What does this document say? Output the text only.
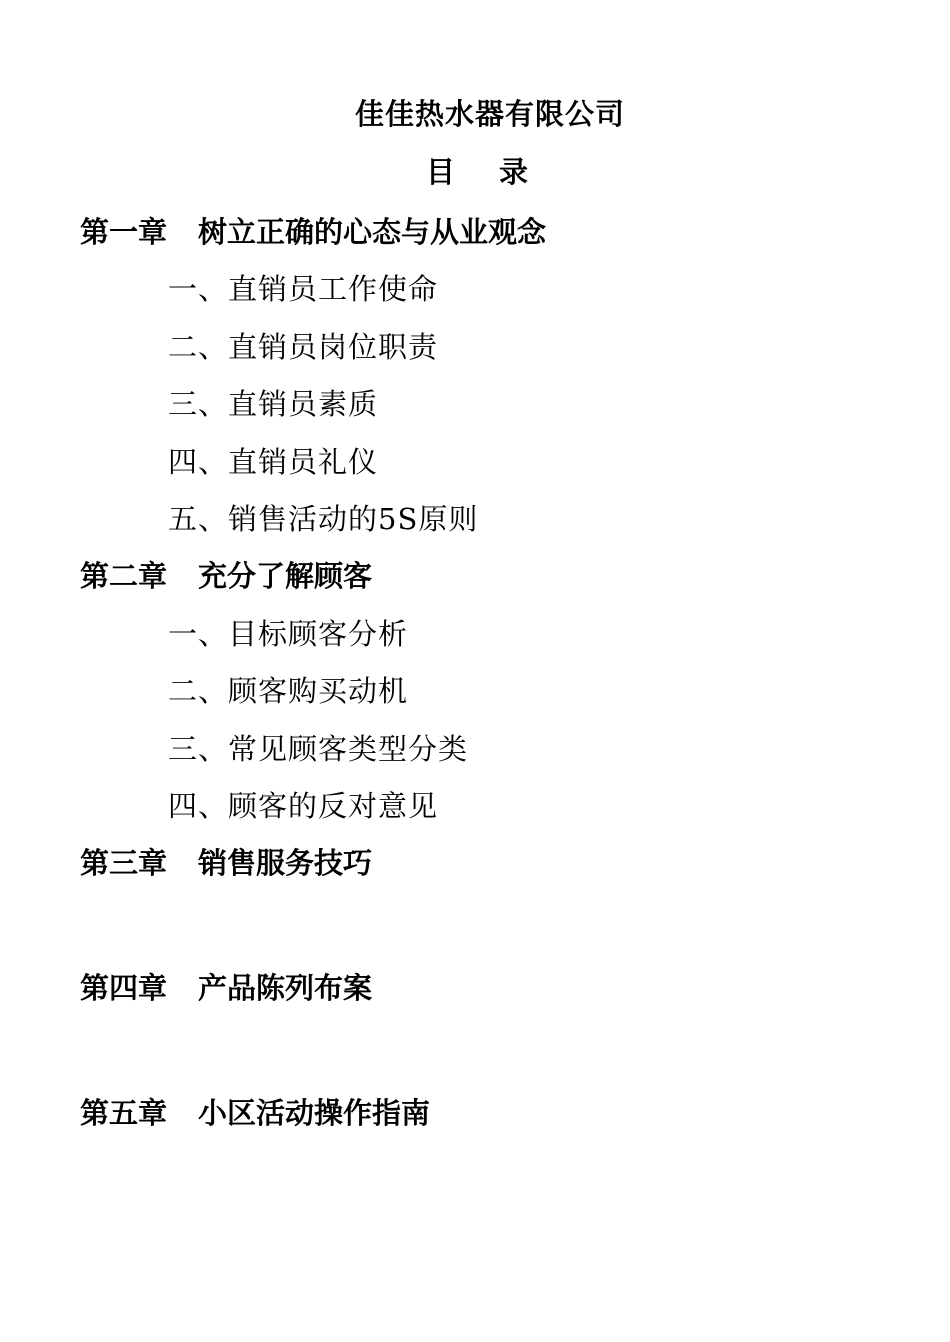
佳佳热水器有限公司
目 录
第一章 树立正确的心态与从业观念
一、直销员工作使命
二、直销员岗位职责
三、直销员素质
四、直销员礼仪
五、销售活动的5S原则
第二章 充分了解顾客
一、目标顾客分析
二、顾客购买动机
三、常见顾客类型分类
四、顾客的反对意见
第三章 销售服务技巧
第四章 产品陈列布案
第五章 小区活动操作指南
